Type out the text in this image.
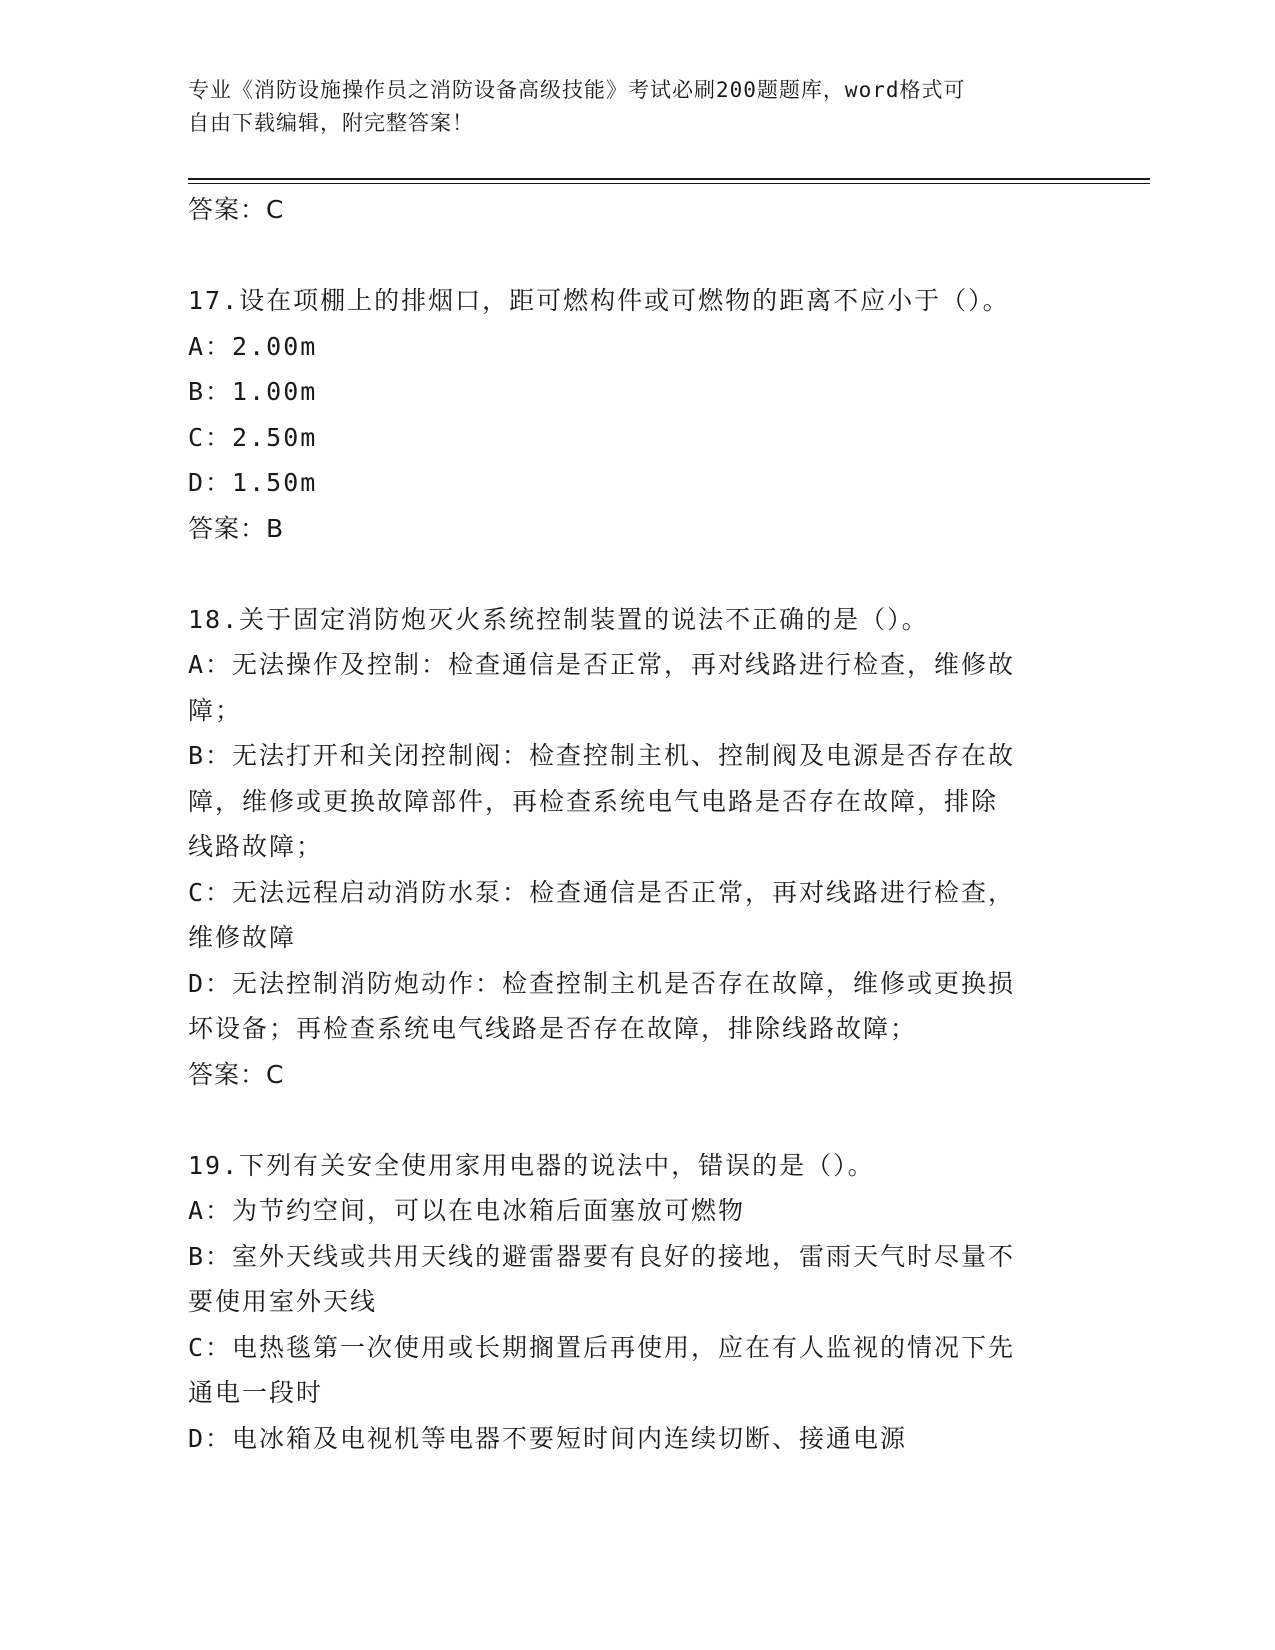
专业《消防设施操作员之消防设备高级技能》考试必刷200题题库，word格式可
自由下载编辑，附完整答案！
答案：C
17.设在项棚上的排烟口，距可燃构件或可燃物的距离不应小于（）。
A：2.00m
B：1.00m
C：2.50m
D：1.50m
答案：B
18.关于固定消防炮灭火系统控制装置的说法不正确的是（）。
A：无法操作及控制：检查通信是否正常，再对线路进行检查，维修故
障；
B：无法打开和关闭控制阀：检查控制主机、控制阀及电源是否存在故
障，维修或更换故障部件，再检查系统电气电路是否存在故障，排除
线路故障；
C：无法远程启动消防水泵：检查通信是否正常，再对线路进行检查，
维修故障
D：无法控制消防炮动作：检查控制主机是否存在故障，维修或更换损
坏设备；再检查系统电气线路是否存在故障，排除线路故障；
答案：C
19.下列有关安全使用家用电器的说法中，错误的是（）。
A：为节约空间，可以在电冰箱后面塞放可燃物
B：室外天线或共用天线的避雷器要有良好的接地，雷雨天气时尽量不
要使用室外天线
C：电热毯第一次使用或长期搁置后再使用，应在有人监视的情况下先
通电一段时
D：电冰箱及电视机等电器不要短时间内连续切断、接通电源
